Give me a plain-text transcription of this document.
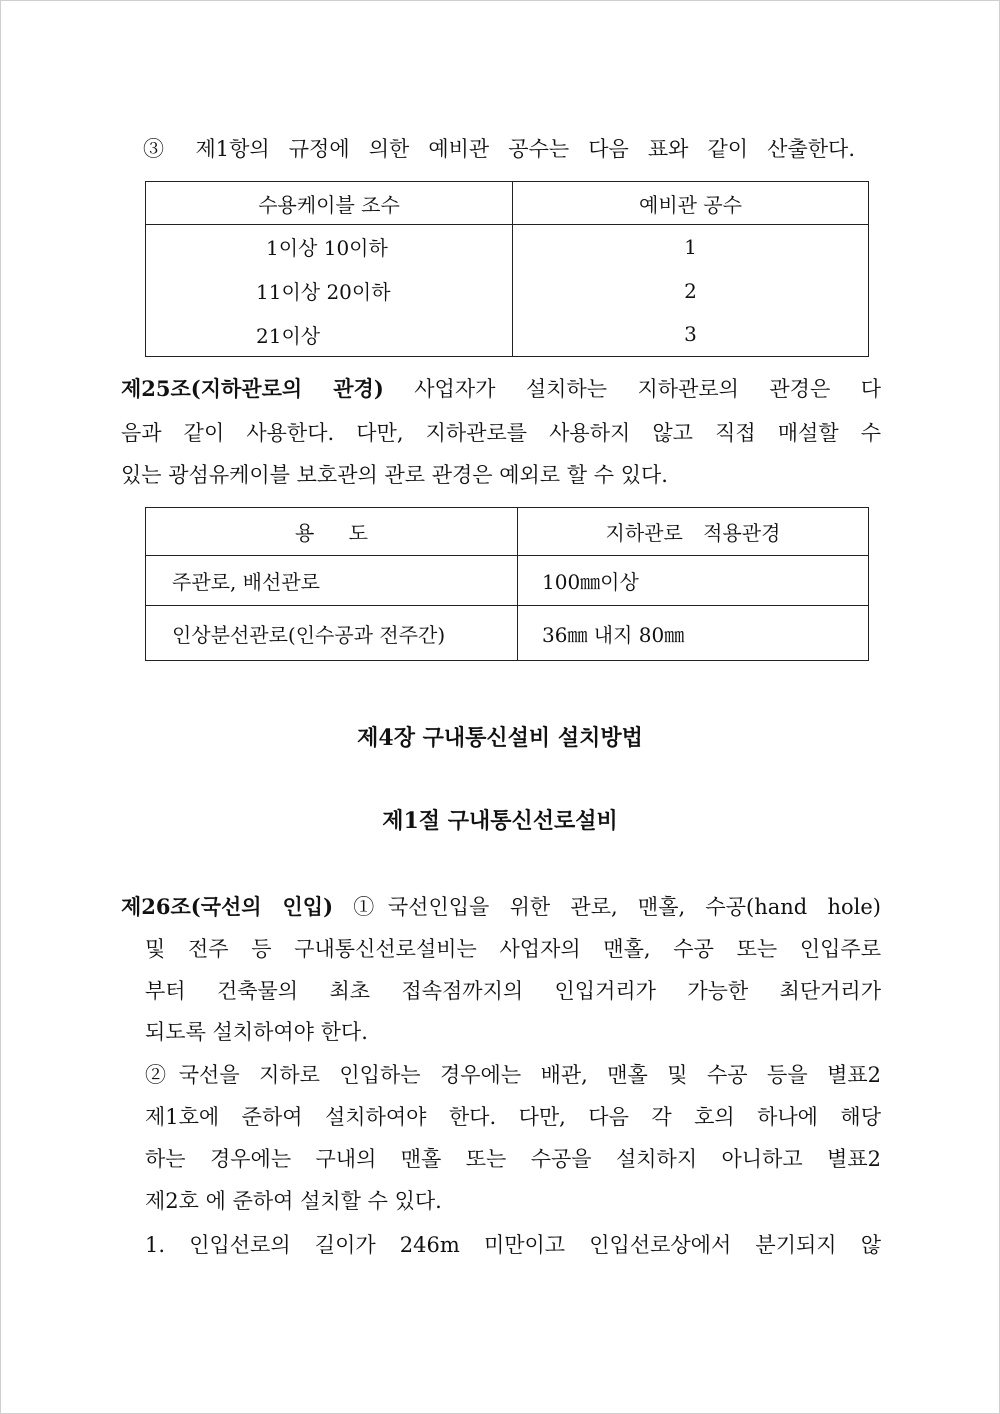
③ 제1항의 규정에 의한 예비관 공수는 다음 표와 같이 산출한다.
수용케이블 조수	예비관 공수
1이상 10이하	1
11이상 20이하	2
21이상	3
제25조(지하관로의 관경) 사업자가 설치하는 지하관로의 관경은 다
음과 같이 사용한다. 다만, 지하관로를 사용하지 않고 직접 매설할 수
있는 광섬유케이블 보호관의 관로 관경은 예외로 할 수 있다.
용 도	지하관로 적용관경
주관로, 배선관로	100㎜이상
인상분선관로(인수공과 전주간)	36㎜ 내지 80㎜
제4장 구내통신설비 설치방법
제1절 구내통신선로설비
제26조(국선의 인입) ①국선인입을 위한 관로, 맨홀, 수공(hand hole)
및 전주 등 구내통신선로설비는 사업자의 맨홀, 수공 또는 인입주로
부터 건축물의 최초 접속점까지의 인입거리가 가능한 최단거리가
되도록 설치하여야 한다.
②국선을 지하로 인입하는 경우에는 배관, 맨홀 및 수공 등을 별표2
제1호에 준하여 설치하여야 한다. 다만, 다음 각 호의 하나에 해당
하는 경우에는 구내의 맨홀 또는 수공을 설치하지 아니하고 별표2
제2호 에 준하여 설치할 수 있다.
1. 인입선로의 길이가 246m 미만이고 인입선로상에서 분기되지 않
